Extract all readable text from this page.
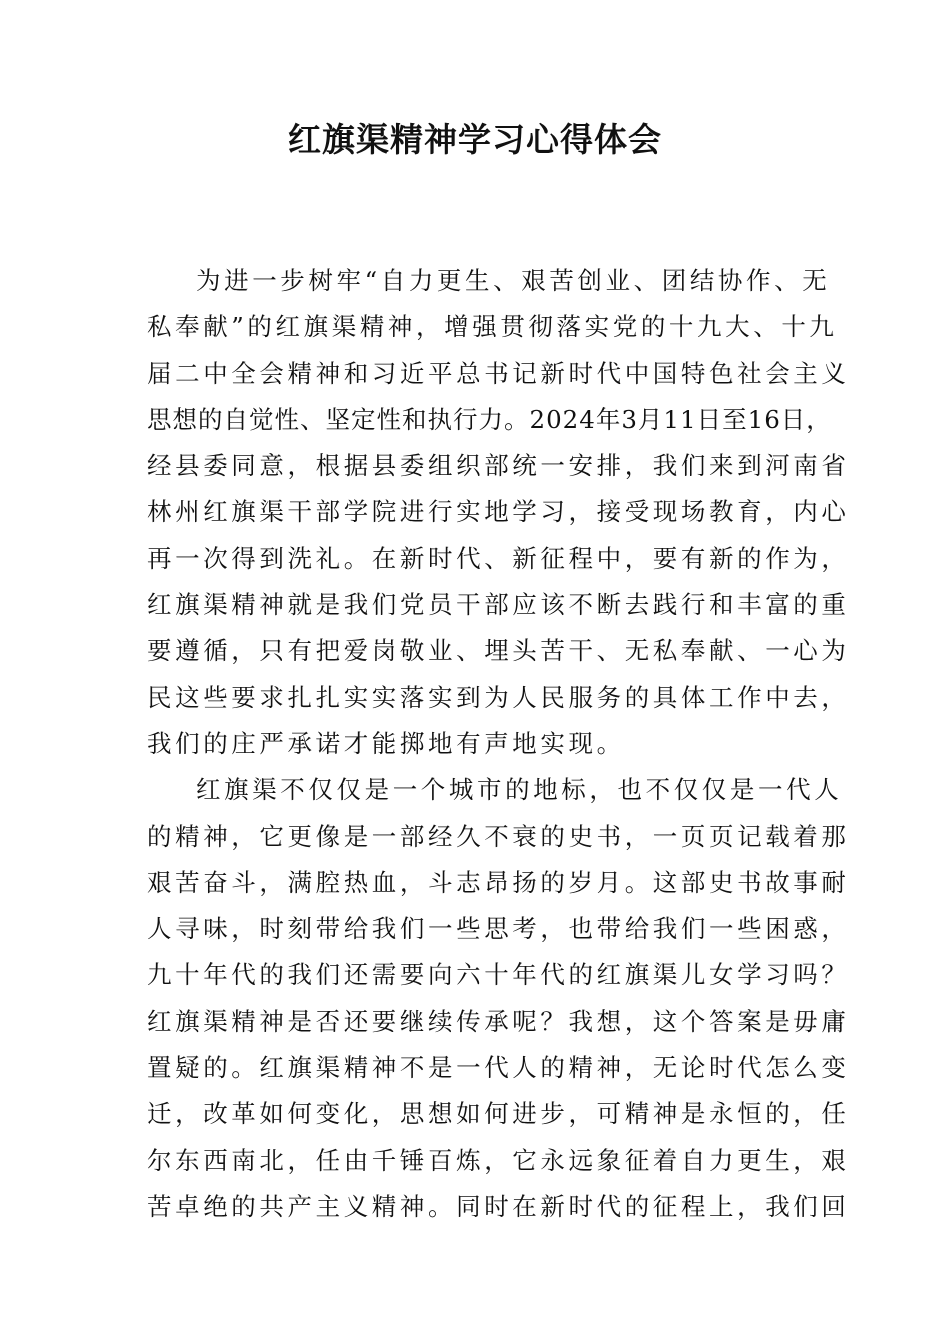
红旗渠精神学习心得体会
为进一步树牢“自力更生、艰苦创业、团结协作、无
私奉献”的红旗渠精神，增强贯彻落实党的十九大、十九
届二中全会精神和习近平总书记新时代中国特色社会主义
思想的自觉性、坚定性和执行力。2024年3月11日至16日，
经县委同意，根据县委组织部统一安排，我们来到河南省
林州红旗渠干部学院进行实地学习，接受现场教育，内心
再一次得到洗礼。在新时代、新征程中，要有新的作为，
红旗渠精神就是我们党员干部应该不断去践行和丰富的重
要遵循，只有把爱岗敬业、埋头苦干、无私奉献、一心为
民这些要求扎扎实实落实到为人民服务的具体工作中去，
我们的庄严承诺才能掷地有声地实现。
红旗渠不仅仅是一个城市的地标，也不仅仅是一代人
的精神，它更像是一部经久不衰的史书，一页页记载着那
艰苦奋斗，满腔热血，斗志昂扬的岁月。这部史书故事耐
人寻味，时刻带给我们一些思考，也带给我们一些困惑，
九十年代的我们还需要向六十年代的红旗渠儿女学习吗？
红旗渠精神是否还要继续传承呢？我想，这个答案是毋庸
置疑的。红旗渠精神不是一代人的精神，无论时代怎么变
迁，改革如何变化，思想如何进步，可精神是永恒的，任
尔东西南北，任由千锤百炼，它永远象征着自力更生，艰
苦卓绝的共产主义精神。同时在新时代的征程上，我们回
